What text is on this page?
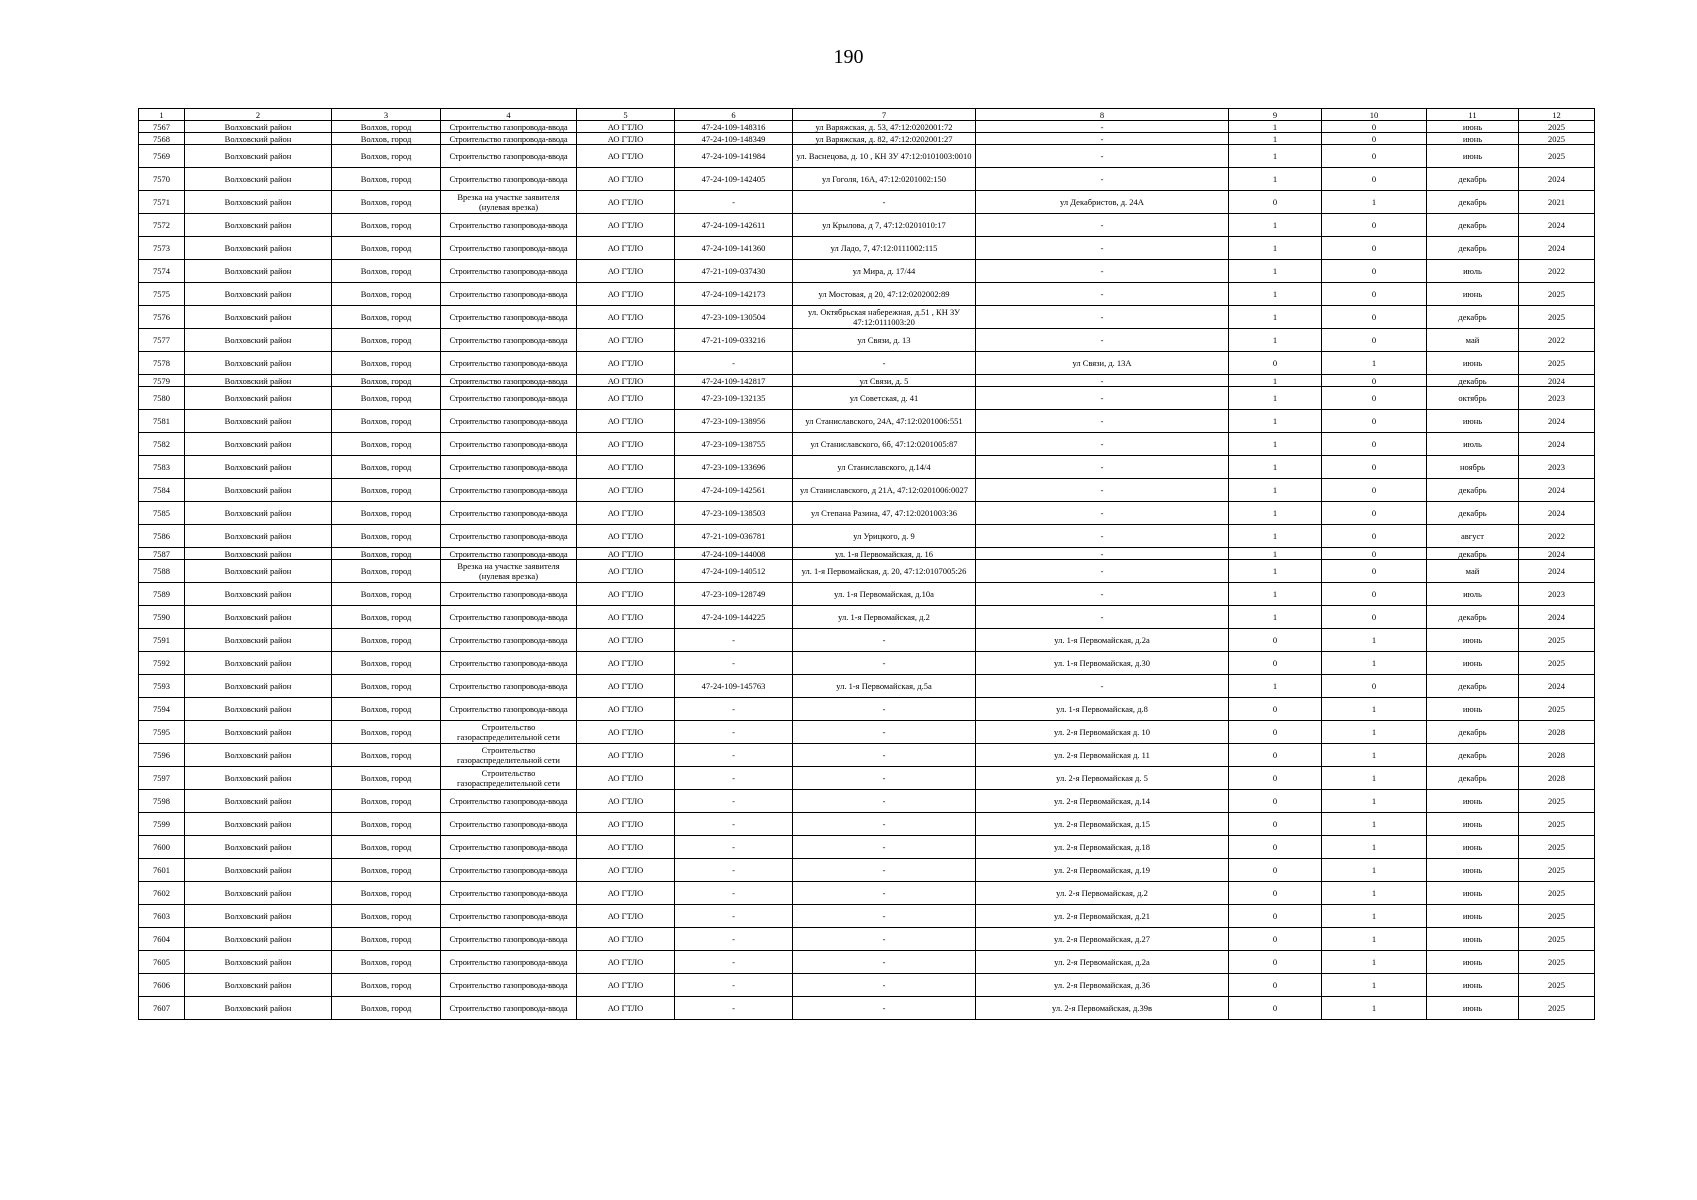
190
1	2	3	4	5	6	7	8	9	10	11	12
7567	Волховский район	Волхов, город	Строительство газопровода-ввода	АО ГТЛО	47-24-109-148316	ул Варяжская, д. 53, 47:12:0202001:72	-	1	0	июнь	2025
7568	Волховский район	Волхов, город	Строительство газопровода-ввода	АО ГТЛО	47-24-109-148349	ул Варяжская, д. 82, 47:12:0202001:27	-	1	0	июнь	2025
7569	Волховский район	Волхов, город	Строительство газопровода-ввода	АО ГТЛО	47-24-109-141984	ул. Васнецова, д. 10 , КН ЗУ 47:12:0101003:0010	-	1	0	июнь	2025
7570	Волховский район	Волхов, город	Строительство газопровода-ввода	АО ГТЛО	47-24-109-142405	ул Гоголя, 16А, 47:12:0201002:150	-	1	0	декабрь	2024
7571	Волховский район	Волхов, город	Врезка на участке заявителя (нулевая врезка)	АО ГТЛО	-	-	ул Декабристов, д. 24А	0	1	декабрь	2021
7572	Волховский район	Волхов, город	Строительство газопровода-ввода	АО ГТЛО	47-24-109-142611	ул Крылова, д 7, 47:12:0201010:17	-	1	0	декабрь	2024
7573	Волховский район	Волхов, город	Строительство газопровода-ввода	АО ГТЛО	47-24-109-141360	ул Ладо, 7, 47:12:0111002:115	-	1	0	декабрь	2024
7574	Волховский район	Волхов, город	Строительство газопровода-ввода	АО ГТЛО	47-21-109-037430	ул Мира, д. 17/44	-	1	0	июль	2022
7575	Волховский район	Волхов, город	Строительство газопровода-ввода	АО ГТЛО	47-24-109-142173	ул Мостовая, д 20, 47:12:0202002:89	-	1	0	июнь	2025
7576	Волховский район	Волхов, город	Строительство газопровода-ввода	АО ГТЛО	47-23-109-130504	ул. Октябрьская набережная, д.51 , КН ЗУ 47:12:0111003:20	-	1	0	декабрь	2025
7577	Волховский район	Волхов, город	Строительство газопровода-ввода	АО ГТЛО	47-21-109-033216	ул Связи, д. 13	-	1	0	май	2022
7578	Волховский район	Волхов, город	Строительство газопровода-ввода	АО ГТЛО	-	-	ул Связи, д. 13А	0	1	июнь	2025
7579	Волховский район	Волхов, город	Строительство газопровода-ввода	АО ГТЛО	47-24-109-142817	ул Связи, д. 5	-	1	0	декабрь	2024
7580	Волховский район	Волхов, город	Строительство газопровода-ввода	АО ГТЛО	47-23-109-132135	ул Советская, д. 41	-	1	0	октябрь	2023
7581	Волховский район	Волхов, город	Строительство газопровода-ввода	АО ГТЛО	47-23-109-138956	ул Станиславского, 24А, 47:12:0201006:551	-	1	0	июнь	2024
7582	Волховский район	Волхов, город	Строительство газопровода-ввода	АО ГТЛО	47-23-109-138755	ул Станиславского, 6б, 47:12:0201005:87	-	1	0	июль	2024
7583	Волховский район	Волхов, город	Строительство газопровода-ввода	АО ГТЛО	47-23-109-133696	ул Станиславского, д.14/4	-	1	0	ноябрь	2023
7584	Волховский район	Волхов, город	Строительство газопровода-ввода	АО ГТЛО	47-24-109-142561	ул Станиславского, д 21А, 47:12:0201006:0027	-	1	0	декабрь	2024
7585	Волховский район	Волхов, город	Строительство газопровода-ввода	АО ГТЛО	47-23-109-138503	ул Степана Разина, 47, 47:12:0201003:36	-	1	0	декабрь	2024
7586	Волховский район	Волхов, город	Строительство газопровода-ввода	АО ГТЛО	47-21-109-036781	ул Урицкого, д. 9	-	1	0	август	2022
7587	Волховский район	Волхов, город	Строительство газопровода-ввода	АО ГТЛО	47-24-109-144008	ул. 1-я Первомайская, д. 16	-	1	0	декабрь	2024
7588	Волховский район	Волхов, город	Врезка на участке заявителя (нулевая врезка)	АО ГТЛО	47-24-109-140512	ул. 1-я Первомайская, д. 20, 47:12:0107005:26	-	1	0	май	2024
7589	Волховский район	Волхов, город	Строительство газопровода-ввода	АО ГТЛО	47-23-109-128749	ул. 1-я Первомайская, д.10а	-	1	0	июль	2023
7590	Волховский район	Волхов, город	Строительство газопровода-ввода	АО ГТЛО	47-24-109-144225	ул. 1-я Первомайская, д.2	-	1	0	декабрь	2024
7591	Волховский район	Волхов, город	Строительство газопровода-ввода	АО ГТЛО	-	-	ул. 1-я Первомайская, д.2а	0	1	июнь	2025
7592	Волховский район	Волхов, город	Строительство газопровода-ввода	АО ГТЛО	-	-	ул. 1-я Первомайская, д.30	0	1	июнь	2025
7593	Волховский район	Волхов, город	Строительство газопровода-ввода	АО ГТЛО	47-24-109-145763	ул. 1-я Первомайская, д.5а	-	1	0	декабрь	2024
7594	Волховский район	Волхов, город	Строительство газопровода-ввода	АО ГТЛО	-	-	ул. 1-я Первомайская, д.8	0	1	июнь	2025
7595	Волховский район	Волхов, город	Строительство газораспределительной сети	АО ГТЛО	-	-	ул. 2-я Первомайская д. 10	0	1	декабрь	2028
7596	Волховский район	Волхов, город	Строительство газораспределительной сети	АО ГТЛО	-	-	ул. 2-я Первомайская д. 11	0	1	декабрь	2028
7597	Волховский район	Волхов, город	Строительство газораспределительной сети	АО ГТЛО	-	-	ул. 2-я Первомайская д. 5	0	1	декабрь	2028
7598	Волховский район	Волхов, город	Строительство газопровода-ввода	АО ГТЛО	-	-	ул. 2-я Первомайская, д.14	0	1	июнь	2025
7599	Волховский район	Волхов, город	Строительство газопровода-ввода	АО ГТЛО	-	-	ул. 2-я Первомайская, д.15	0	1	июнь	2025
7600	Волховский район	Волхов, город	Строительство газопровода-ввода	АО ГТЛО	-	-	ул. 2-я Первомайская, д.18	0	1	июнь	2025
7601	Волховский район	Волхов, город	Строительство газопровода-ввода	АО ГТЛО	-	-	ул. 2-я Первомайская, д.19	0	1	июнь	2025
7602	Волховский район	Волхов, город	Строительство газопровода-ввода	АО ГТЛО	-	-	ул. 2-я Первомайская, д.2	0	1	июнь	2025
7603	Волховский район	Волхов, город	Строительство газопровода-ввода	АО ГТЛО	-	-	ул. 2-я Первомайская, д.21	0	1	июнь	2025
7604	Волховский район	Волхов, город	Строительство газопровода-ввода	АО ГТЛО	-	-	ул. 2-я Первомайская, д.27	0	1	июнь	2025
7605	Волховский район	Волхов, город	Строительство газопровода-ввода	АО ГТЛО	-	-	ул. 2-я Первомайская, д.2а	0	1	июнь	2025
7606	Волховский район	Волхов, город	Строительство газопровода-ввода	АО ГТЛО	-	-	ул. 2-я Первомайская, д.36	0	1	июнь	2025
7607	Волховский район	Волхов, город	Строительство газопровода-ввода	АО ГТЛО	-	-	ул. 2-я Первомайская, д.39в	0	1	июнь	2025
